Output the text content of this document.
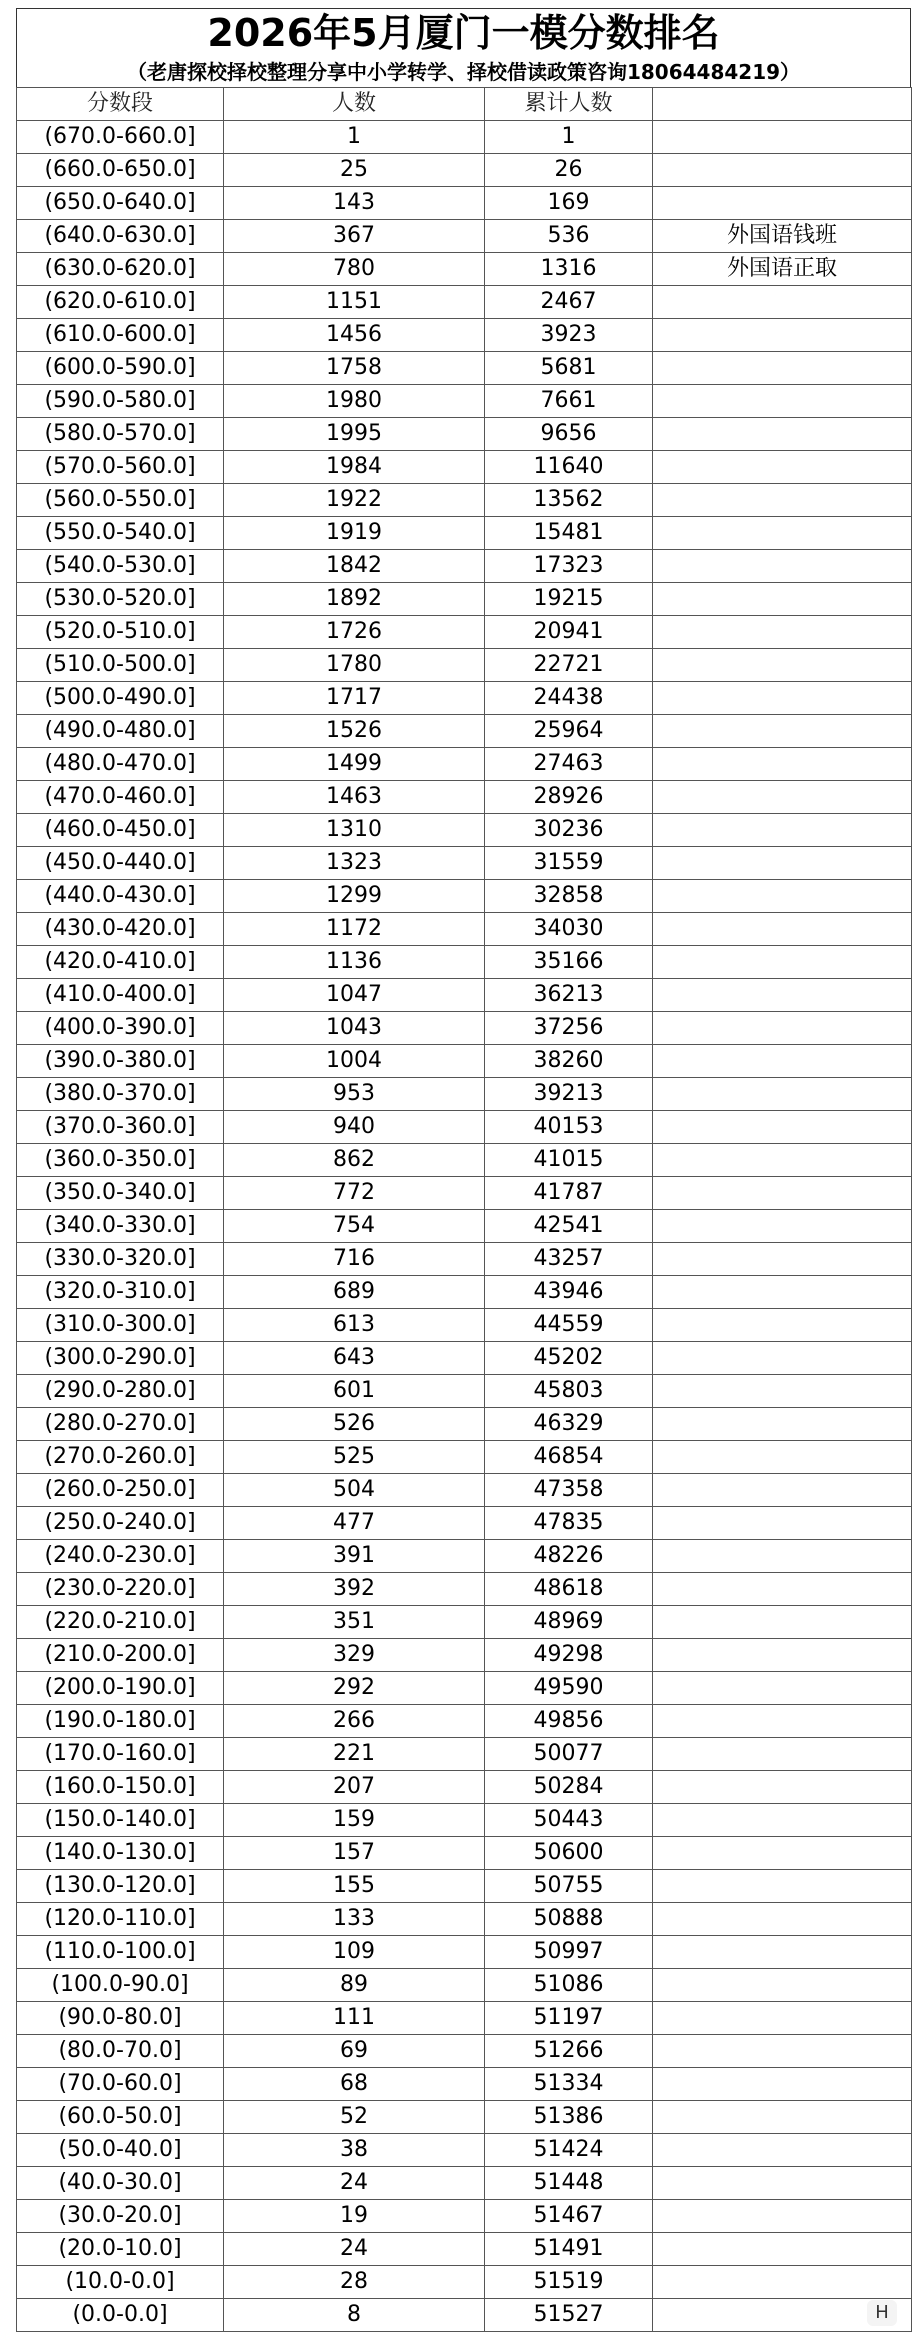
2026年5月厦门一模分数排名
（老唐探校择校整理分享中小学转学、择校借读政策咨询18064484219）
分数段	人数	累计人数	
(670.0-660.0]	1	1	
(660.0-650.0]	25	26	
(650.0-640.0]	143	169	
(640.0-630.0]	367	536	外国语钱班
(630.0-620.0]	780	1316	外国语正取
(620.0-610.0]	1151	2467	
(610.0-600.0]	1456	3923	
(600.0-590.0]	1758	5681	
(590.0-580.0]	1980	7661	
(580.0-570.0]	1995	9656	
(570.0-560.0]	1984	11640	
(560.0-550.0]	1922	13562	
(550.0-540.0]	1919	15481	
(540.0-530.0]	1842	17323	
(530.0-520.0]	1892	19215	
(520.0-510.0]	1726	20941	
(510.0-500.0]	1780	22721	
(500.0-490.0]	1717	24438	
(490.0-480.0]	1526	25964	
(480.0-470.0]	1499	27463	
(470.0-460.0]	1463	28926	
(460.0-450.0]	1310	30236	
(450.0-440.0]	1323	31559	
(440.0-430.0]	1299	32858	
(430.0-420.0]	1172	34030	
(420.0-410.0]	1136	35166	
(410.0-400.0]	1047	36213	
(400.0-390.0]	1043	37256	
(390.0-380.0]	1004	38260	
(380.0-370.0]	953	39213	
(370.0-360.0]	940	40153	
(360.0-350.0]	862	41015	
(350.0-340.0]	772	41787	
(340.0-330.0]	754	42541	
(330.0-320.0]	716	43257	
(320.0-310.0]	689	43946	
(310.0-300.0]	613	44559	
(300.0-290.0]	643	45202	
(290.0-280.0]	601	45803	
(280.0-270.0]	526	46329	
(270.0-260.0]	525	46854	
(260.0-250.0]	504	47358	
(250.0-240.0]	477	47835	
(240.0-230.0]	391	48226	
(230.0-220.0]	392	48618	
(220.0-210.0]	351	48969	
(210.0-200.0]	329	49298	
(200.0-190.0]	292	49590	
(190.0-180.0]	266	49856	
(170.0-160.0]	221	50077	
(160.0-150.0]	207	50284	
(150.0-140.0]	159	50443	
(140.0-130.0]	157	50600	
(130.0-120.0]	155	50755	
(120.0-110.0]	133	50888	
(110.0-100.0]	109	50997	
(100.0-90.0]	89	51086	
(90.0-80.0]	111	51197	
(80.0-70.0]	69	51266	
(70.0-60.0]	68	51334	
(60.0-50.0]	52	51386	
(50.0-40.0]	38	51424	
(40.0-30.0]	24	51448	
(30.0-20.0]	19	51467	
(20.0-10.0]	24	51491	
(10.0-0.0]	28	51519	
(0.0-0.0]	8	51527		H
